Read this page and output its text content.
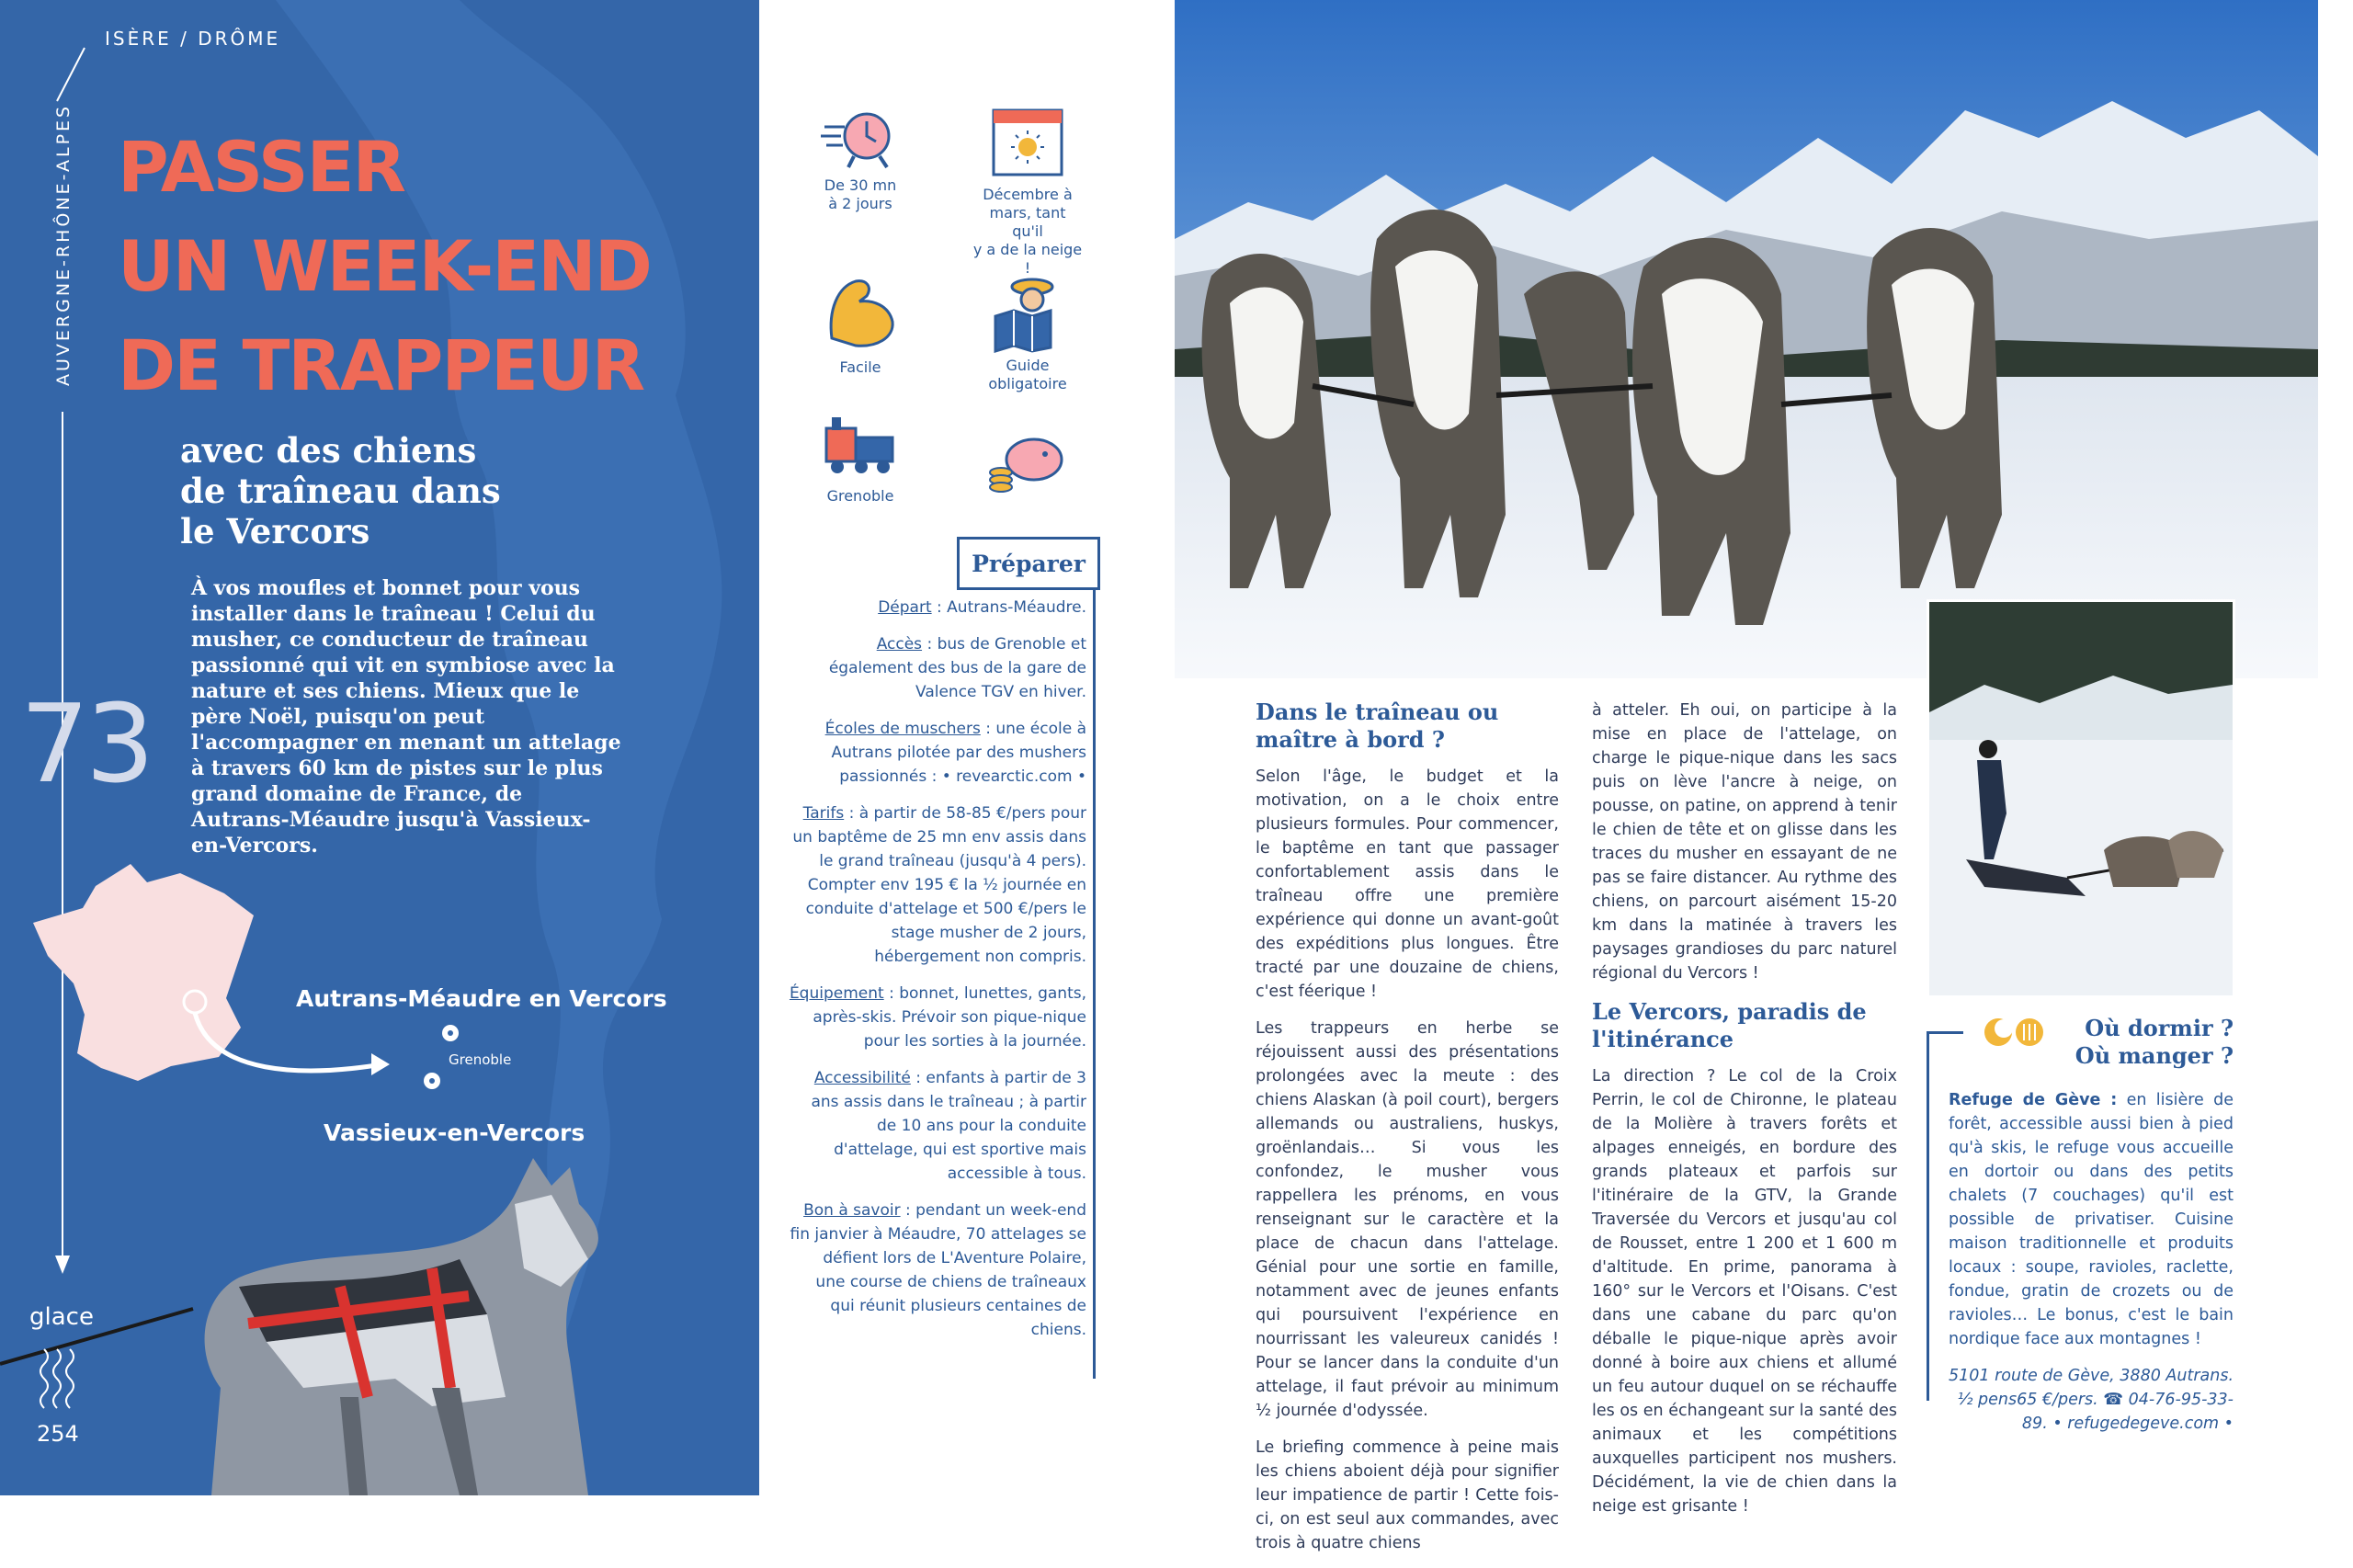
ISÈRE / DRÔME
AUVERGNE-RHÔNE-ALPES PASSER
UN WEEK-END
DE TRAPPEUR
avec des chiens
de traîneau dans
le Vercors
À vos moufles et bonnet pour vous installer dans le traîneau ! Celui du musher, ce conducteur de traîneau passionné qui vit en symbiose avec la nature et ses chiens. Mieux que le père Noël, puisqu'on peut l'accompagner en menant un attelage à travers 60 km de pistes sur le plus grand domaine de France, de Autrans-Méaudre jusqu'à Vassieux-en-Vercors.
73
glace
254
Autrans-Méaudre en Vercors
Vassieux-en-Vercors
Grenoble
De 30 mn
à 2 jours
Décembre à
mars, tant qu'il
y a de la neige !
Facile	Guide
obligatoire
Grenoble
Préparer

Départ : Autrans-Méaudre.

Accès : bus de Grenoble et également des bus de la gare de Valence TGV en hiver.

Écoles de muschers : une école à Autrans pilotée par des mushers passionnés : • revearctic.com •

Tarifs : à partir de 58-85 €/pers pour un baptême de 25 mn env assis dans le grand traîneau (jusqu'à 4 pers). Compter env 195 € la ½ journée en conduite d'attelage et 500 €/pers le stage musher de 2 jours, hébergement non compris.

Équipement : bonnet, lunettes, gants, après-skis. Prévoir son pique-nique pour les sorties à la journée.

Accessibilité : enfants à partir de 3 ans assis dans le traîneau ; à partir de 10 ans pour la conduite d'attelage, qui est sportive mais accessible à tous.

Bon à savoir : pendant un week-end fin janvier à Méaudre, 70 attelages se défient lors de L'Aventure Polaire, une course de chiens de traîneaux qui réunit plusieurs centaines de chiens.

Dans le traîneau ou maître à bord ?

Selon l'âge, le budget et la motivation, on a le choix entre plusieurs formules. Pour commencer, le baptême en tant que passager confortablement assis dans le traîneau offre une première expérience qui donne un avant-goût des expéditions plus longues. Être tracté par une douzaine de chiens, c'est féerique !

Les trappeurs en herbe se réjouissent aussi des présentations prolongées avec la meute : des chiens Alaskan (à poil court), bergers allemands ou australiens, huskys, groënlandais… Si vous les confondez, le musher vous rappellera les prénoms, en vous renseignant sur le caractère et la place de chacun dans l'attelage. Génial pour une sortie en famille, notamment avec de jeunes enfants qui poursuivent l'expérience en nourrissant les valeureux canidés ! Pour se lancer dans la conduite d'un attelage, il faut prévoir au minimum ½ journée d'odyssée.

Le briefing commence à peine mais les chiens aboient déjà pour signifier leur impatience de partir ! Cette fois-ci, on est seul aux commandes, avec trois à quatre chiens

à atteler. Eh oui, on participe à la mise en place de l'attelage, on charge le pique-nique dans les sacs puis on lève l'ancre à neige, on pousse, on patine, on apprend à tenir le chien de tête et on glisse dans les traces du musher en essayant de ne pas se faire distancer. Au rythme des chiens, on parcourt aisément 15-20 km dans la matinée à travers les paysages grandioses du parc naturel régional du Vercors !

Le Vercors, paradis de l'itinérance

La direction ? Le col de la Croix Perrin, le col de Chironne, le plateau de la Molière à travers forêts et alpages enneigés, en bordure des grands plateaux et parfois sur l'itinéraire de la GTV, la Grande Traversée du Vercors et jusqu'au col de Rousset, entre 1 200 et 1 600 m d'altitude. En prime, panorama à 160° sur le Vercors et l'Oisans. C'est dans une cabane du parc qu'on déballe le pique-nique après avoir donné à boire aux chiens et allumé un feu autour duquel on se réchauffe les os en échangeant sur la santé des animaux et les compétitions auxquelles participent nos mushers. Décidément, la vie de chien dans la neige est grisante !

Où dormir ?
Où manger ?

Refuge de Gève : en lisière de forêt, accessible aussi bien à pied qu'à skis, le refuge vous accueille en dortoir ou dans des petits chalets (7 couchages) qu'il est possible de privatiser. Cuisine maison traditionnelle et produits locaux : soupe, ravioles, raclette, fondue, gratin de crozets ou de ravioles… Le bonus, c'est le bain nordique face aux montagnes !

5101 route de Gève, 3880 Autrans. ½ pens65 €/pers. ☎ 04-76-95-33-89. • refugedegeve.com •
